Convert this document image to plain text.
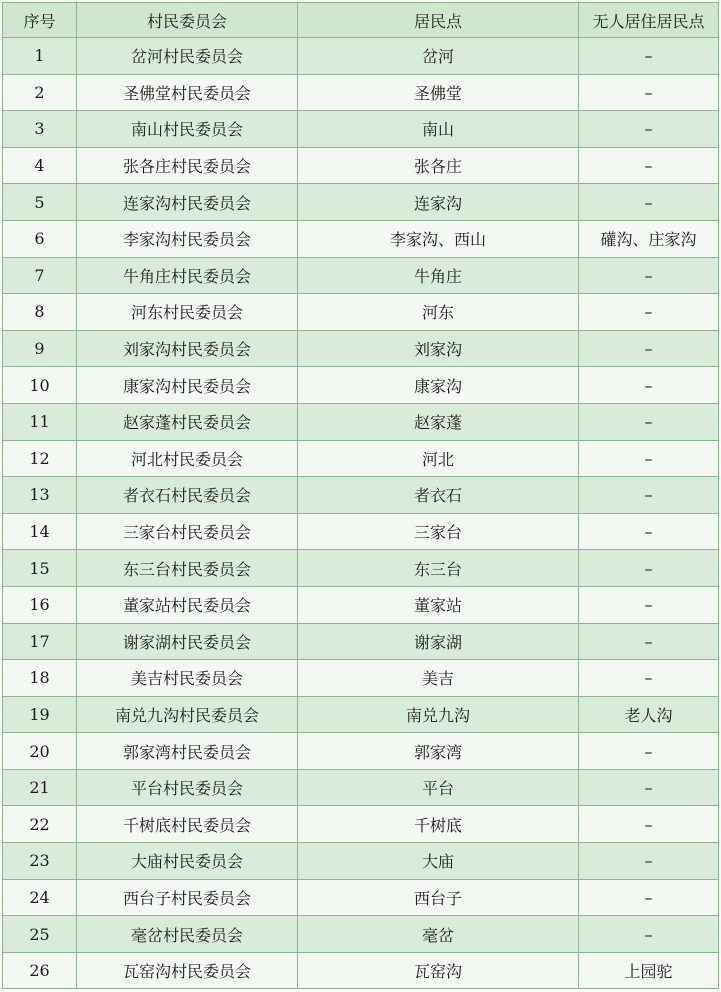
序号	村民委员会	居民点	无人居住居民点
1	岔河村民委员会	岔河	–
2	圣佛堂村民委员会	圣佛堂	–
3	南山村民委员会	南山	–
4	张各庄村民委员会	张各庄	–
5	连家沟村民委员会	连家沟	–
6	李家沟村民委员会	李家沟、西山	礶沟、庄家沟
7	牛角庄村民委员会	牛角庄	–
8	河东村民委员会	河东	–
9	刘家沟村民委员会	刘家沟	–
10	康家沟村民委员会	康家沟	–
11	赵家蓬村民委员会	赵家蓬	–
12	河北村民委员会	河北	–
13	者衣石村民委员会	者衣石	–
14	三家台村民委员会	三家台	–
15	东三台村民委员会	东三台	–
16	董家站村民委员会	董家站	–
17	谢家湖村民委员会	谢家湖	–
18	美吉村民委员会	美吉	–
19	南兑九沟村民委员会	南兑九沟	老人沟
20	郭家湾村民委员会	郭家湾	–
21	平台村民委员会	平台	–
22	千树底村民委员会	千树底	–
23	大庙村民委员会	大庙	–
24	西台子村民委员会	西台子	–
25	毫岔村民委员会	毫岔	–
26	瓦窑沟村民委员会	瓦窑沟	上园驼
